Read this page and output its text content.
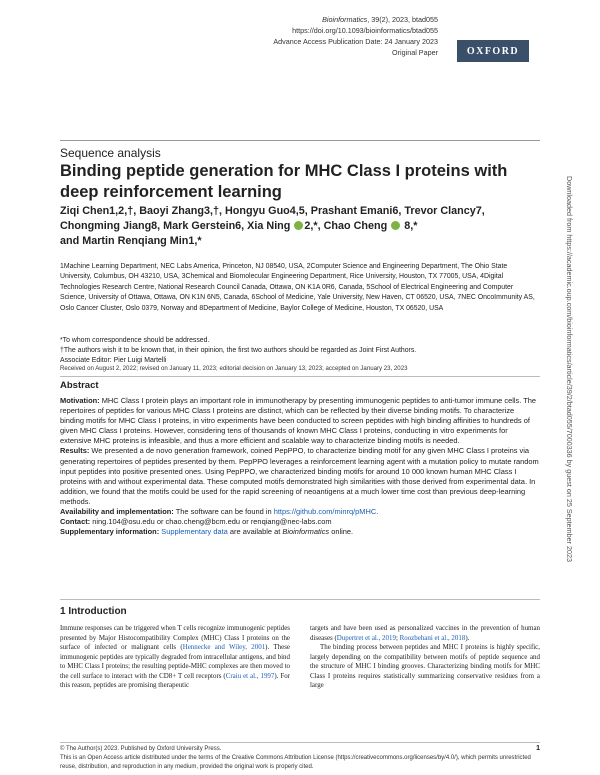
Bioinformatics, 39(2), 2023, btad055
https://doi.org/10.1093/bioinformatics/btad055
Advance Access Publication Date: 24 January 2023
Original Paper	OXFORD
Sequence analysis
Binding peptide generation for MHC Class I proteins with deep reinforcement learning
Ziqi Chen1,2,†, Baoyi Zhang3,†, Hongyu Guo4,5, Prashant Emani6, Trevor Clancy7,
Chongming Jiang8, Mark Gerstein6, Xia Ning 2,*, Chao Cheng 8,*
and Martin Renqiang Min1,*
1Machine Learning Department, NEC Labs America, Princeton, NJ 08540, USA, 2Computer Science and Engineering Department, The Ohio State University, Columbus, OH 43210, USA, 3Chemical and Biomolecular Engineering Department, Rice University, Houston, TX 77005, USA, 4Digital Technologies Research Centre, National Research Council Canada, Ottawa, ON K1A 0R6, Canada, 5School of Electrical Engineering and Computer Science, University of Ottawa, Ottawa, ON K1N 6N5, Canada, 6School of Medicine, Yale University, New Haven, CT 06520, USA, 7NEC OncoImmunity AS, Oslo Cancer Cluster, Oslo 0379, Norway and 8Department of Medicine, Baylor College of Medicine, Houston, TX 06520, USA
*To whom correspondence should be addressed.
†The authors wish it to be known that, in their opinion, the first two authors should be regarded as Joint First Authors.
Associate Editor: Pier Luigi Martelli
Received on August 2, 2022; revised on January 11, 2023; editorial decision on January 13, 2023; accepted on January 23, 2023
Abstract

Motivation: MHC Class I protein plays an important role in immunotherapy by presenting immunogenic peptides to anti-tumor immune cells. The repertoires of peptides for various MHC Class I proteins are distinct, which can be reflected by their diverse binding motifs. To characterize binding motifs for MHC Class I proteins, in vitro experiments have been conducted to screen peptides with high binding affinities to hundreds of given MHC Class I proteins. However, considering tens of thousands of known MHC Class I proteins, conducting in vitro experiments for extensive MHC proteins is infeasible, and thus a more efficient and scalable way to characterize binding motifs is needed.

Results: We presented a de novo generation framework, coined PepPPO, to characterize binding motif for any given MHC Class I proteins via generating repertoires of peptides presented by them. PepPPO leverages a reinforcement learning agent with a mutation policy to mutate random input peptides into positive presented ones. Using PepPPO, we characterized binding motifs for around 10 000 known human MHC Class I proteins with and without experimental data. These computed motifs demonstrated high similarities with those derived from experimental data. In addition, we found that the motifs could be used for the rapid screening of neoantigens at a much lower time cost than previous deep-learning methods.

Availability and implementation: The software can be found in https://github.com/minrq/pMHC.

Contact: ning.104@osu.edu or chao.cheng@bcm.edu or renqiang@nec-labs.com

Supplementary information: Supplementary data are available at Bioinformatics online.

1 Introduction
Immune responses can be triggered when T cells recognize immunogenic peptides presented by Major Histocompatibility Complex (MHC) Class I proteins on the surface of infected or malignant cells (Hennecke and Wiley, 2001). These immunogenic peptides are typically degraded from intracellular antigens, and bind to MHC Class I proteins; the resulting peptide-MHC complexes are then moved to the cell surface to interact with the CD8+ T cell receptors (Craiu et al., 1997). For this reason, peptides are promising therapeutic
targets and have been used as personalized vaccines in the prevention of human diseases (Dupertret et al., 2019; Roozbehani et al., 2018).
The binding process between peptides and MHC I proteins is highly specific, largely depending on the compatibility between motifs of peptide sequence and the structure of MHC I binding grooves. Characterizing binding motifs for MHC Class I proteins requires statistically summarizing conservative residues from a large
© The Author(s) 2023. Published by Oxford University Press.
This is an Open Access article distributed under the terms of the Creative Commons Attribution License (https://creativecommons.org/licenses/by/4.0/), which permits unrestricted reuse, distribution, and reproduction in any medium, provided the original work is properly cited.
1
Downloaded from https://academic.oup.com/bioinformatics/article/39/2/btad055/7000336 by guest on 25 September 2023
